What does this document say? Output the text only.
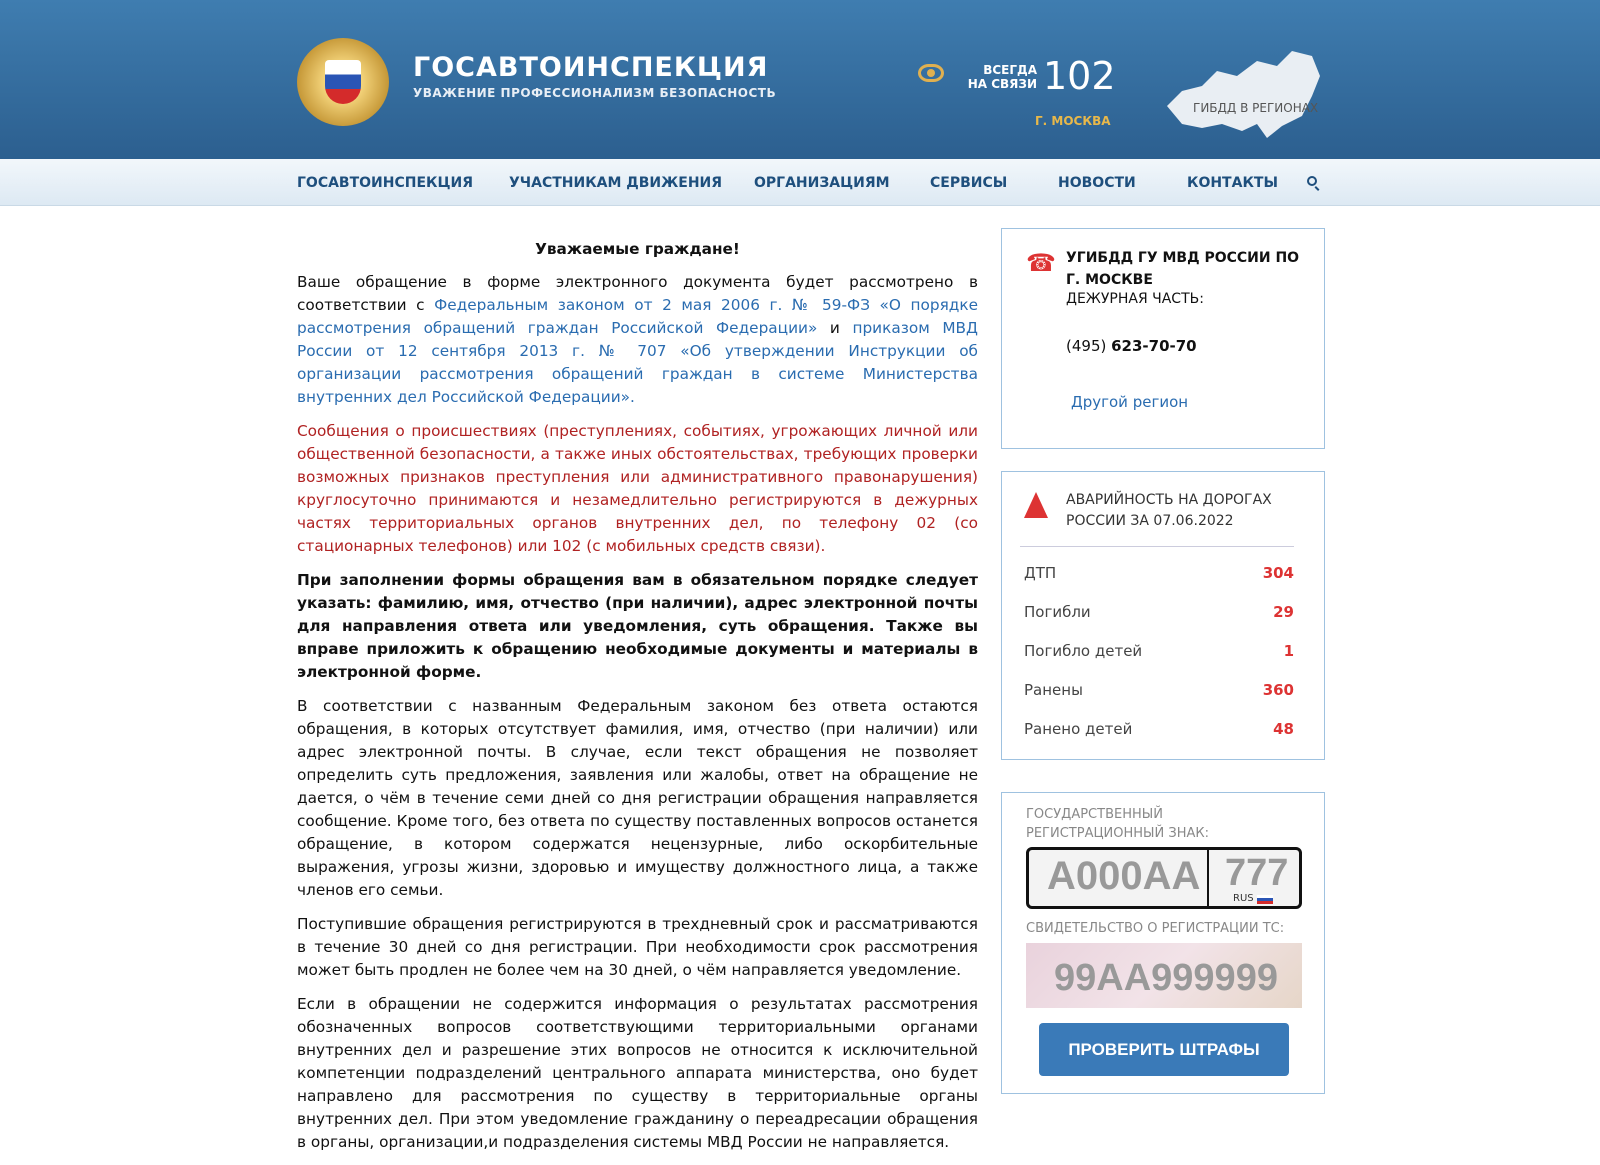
ГОСАВТОИНСПЕКЦИЯ
УВАЖЕНИЕ ПРОФЕССИОНАЛИЗМ БЕЗОПАСНОСТЬ
ВСЕГДА
НА СВЯЗИ 102
Г. МОСКВА
ГИБДД В РЕГИОНАХ
ГОСАВТОИНСПЕКЦИЯ	УЧАСТНИКАМ ДВИЖЕНИЯ ОРГАНИЗАЦИЯМ	СЕРВИСЫ	НОВОСТИ	КОНТАКТЫ
Уважаемые граждане!

Ваше обращение в форме электронного документа будет рассмотрено в соответствии с Федеральным законом от 2 мая 2006 г. № 59-ФЗ «О порядке рассмотрения обращений граждан Российской Федерации» и приказом МВД России от 12 сентября 2013 г. № 707 «Об утверждении Инструкции об организации рассмотрения обращений граждан в системе Министерства внутренних дел Российской Федерации».

Сообщения о происшествиях (преступлениях, событиях, угрожающих личной или общественной безопасности, а также иных обстоятельствах, требующих проверки возможных признаков преступления или административного правонарушения) круглосуточно принимаются и незамедлительно регистрируются в дежурных частях территориальных органов внутренних дел, по телефону 02 (со стационарных телефонов) или 102 (с мобильных средств связи).

При заполнении формы обращения вам в обязательном порядке следует указать: фамилию, имя, отчество (при наличии), адрес электронной почты для направления ответа или уведомления, суть обращения. Также вы вправе приложить к обращению необходимые документы и материалы в электронной форме.

В соответствии с названным Федеральным законом без ответа остаются обращения, в которых отсутствует фамилия, имя, отчество (при наличии) или адрес электронной почты. В случае, если текст обращения не позволяет определить суть предложения, заявления или жалобы, ответ на обращение не дается, о чём в течение семи дней со дня регистрации обращения направляется сообщение. Кроме того, без ответа по существу поставленных вопросов останется обращение, в котором содержатся нецензурные, либо оскорбительные выражения, угрозы жизни, здоровью и имуществу должностного лица, а также членов его семьи.

Поступившие обращения регистрируются в трехдневный срок и рассматриваются в течение 30 дней со дня регистрации. При необходимости срок рассмотрения может быть продлен не более чем на 30 дней, о чём направляется уведомление.

Если в обращении не содержится информация о результатах рассмотрения обозначенных вопросов соответствующими территориальными органами внутренних дел и разрешение этих вопросов не относится к исключительной компетенции подразделений центрального аппарата министерства, оно будет направлено для рассмотрения по существу в территориальные органы внутренних дел. При этом уведомление гражданину о переадресации обращения в органы, организации,и подразделения системы МВД России не направляется.

☎ УГИБДД ГУ МВД РОССИИ ПО Г. МОСКВЕ
ДЕЖУРНАЯ ЧАСТЬ:
(495) 623-70-70
Другой регион
АВАРИЙНОСТЬ НА ДОРОГАХ РОССИИ ЗА 07.06.2022
ДТП	304
Погибли	29
Погибло детей	1
Ранены	360
Ранено детей	48
ГОСУДАРСТВЕННЫЙ РЕГИСТРАЦИОННЫЙ ЗНАК:
А000АА 777
RUS
СВИДЕТЕЛЬСТВО О РЕГИСТРАЦИИ ТС:
99АА999999
ПРОВЕРИТЬ ШТРАФЫ
